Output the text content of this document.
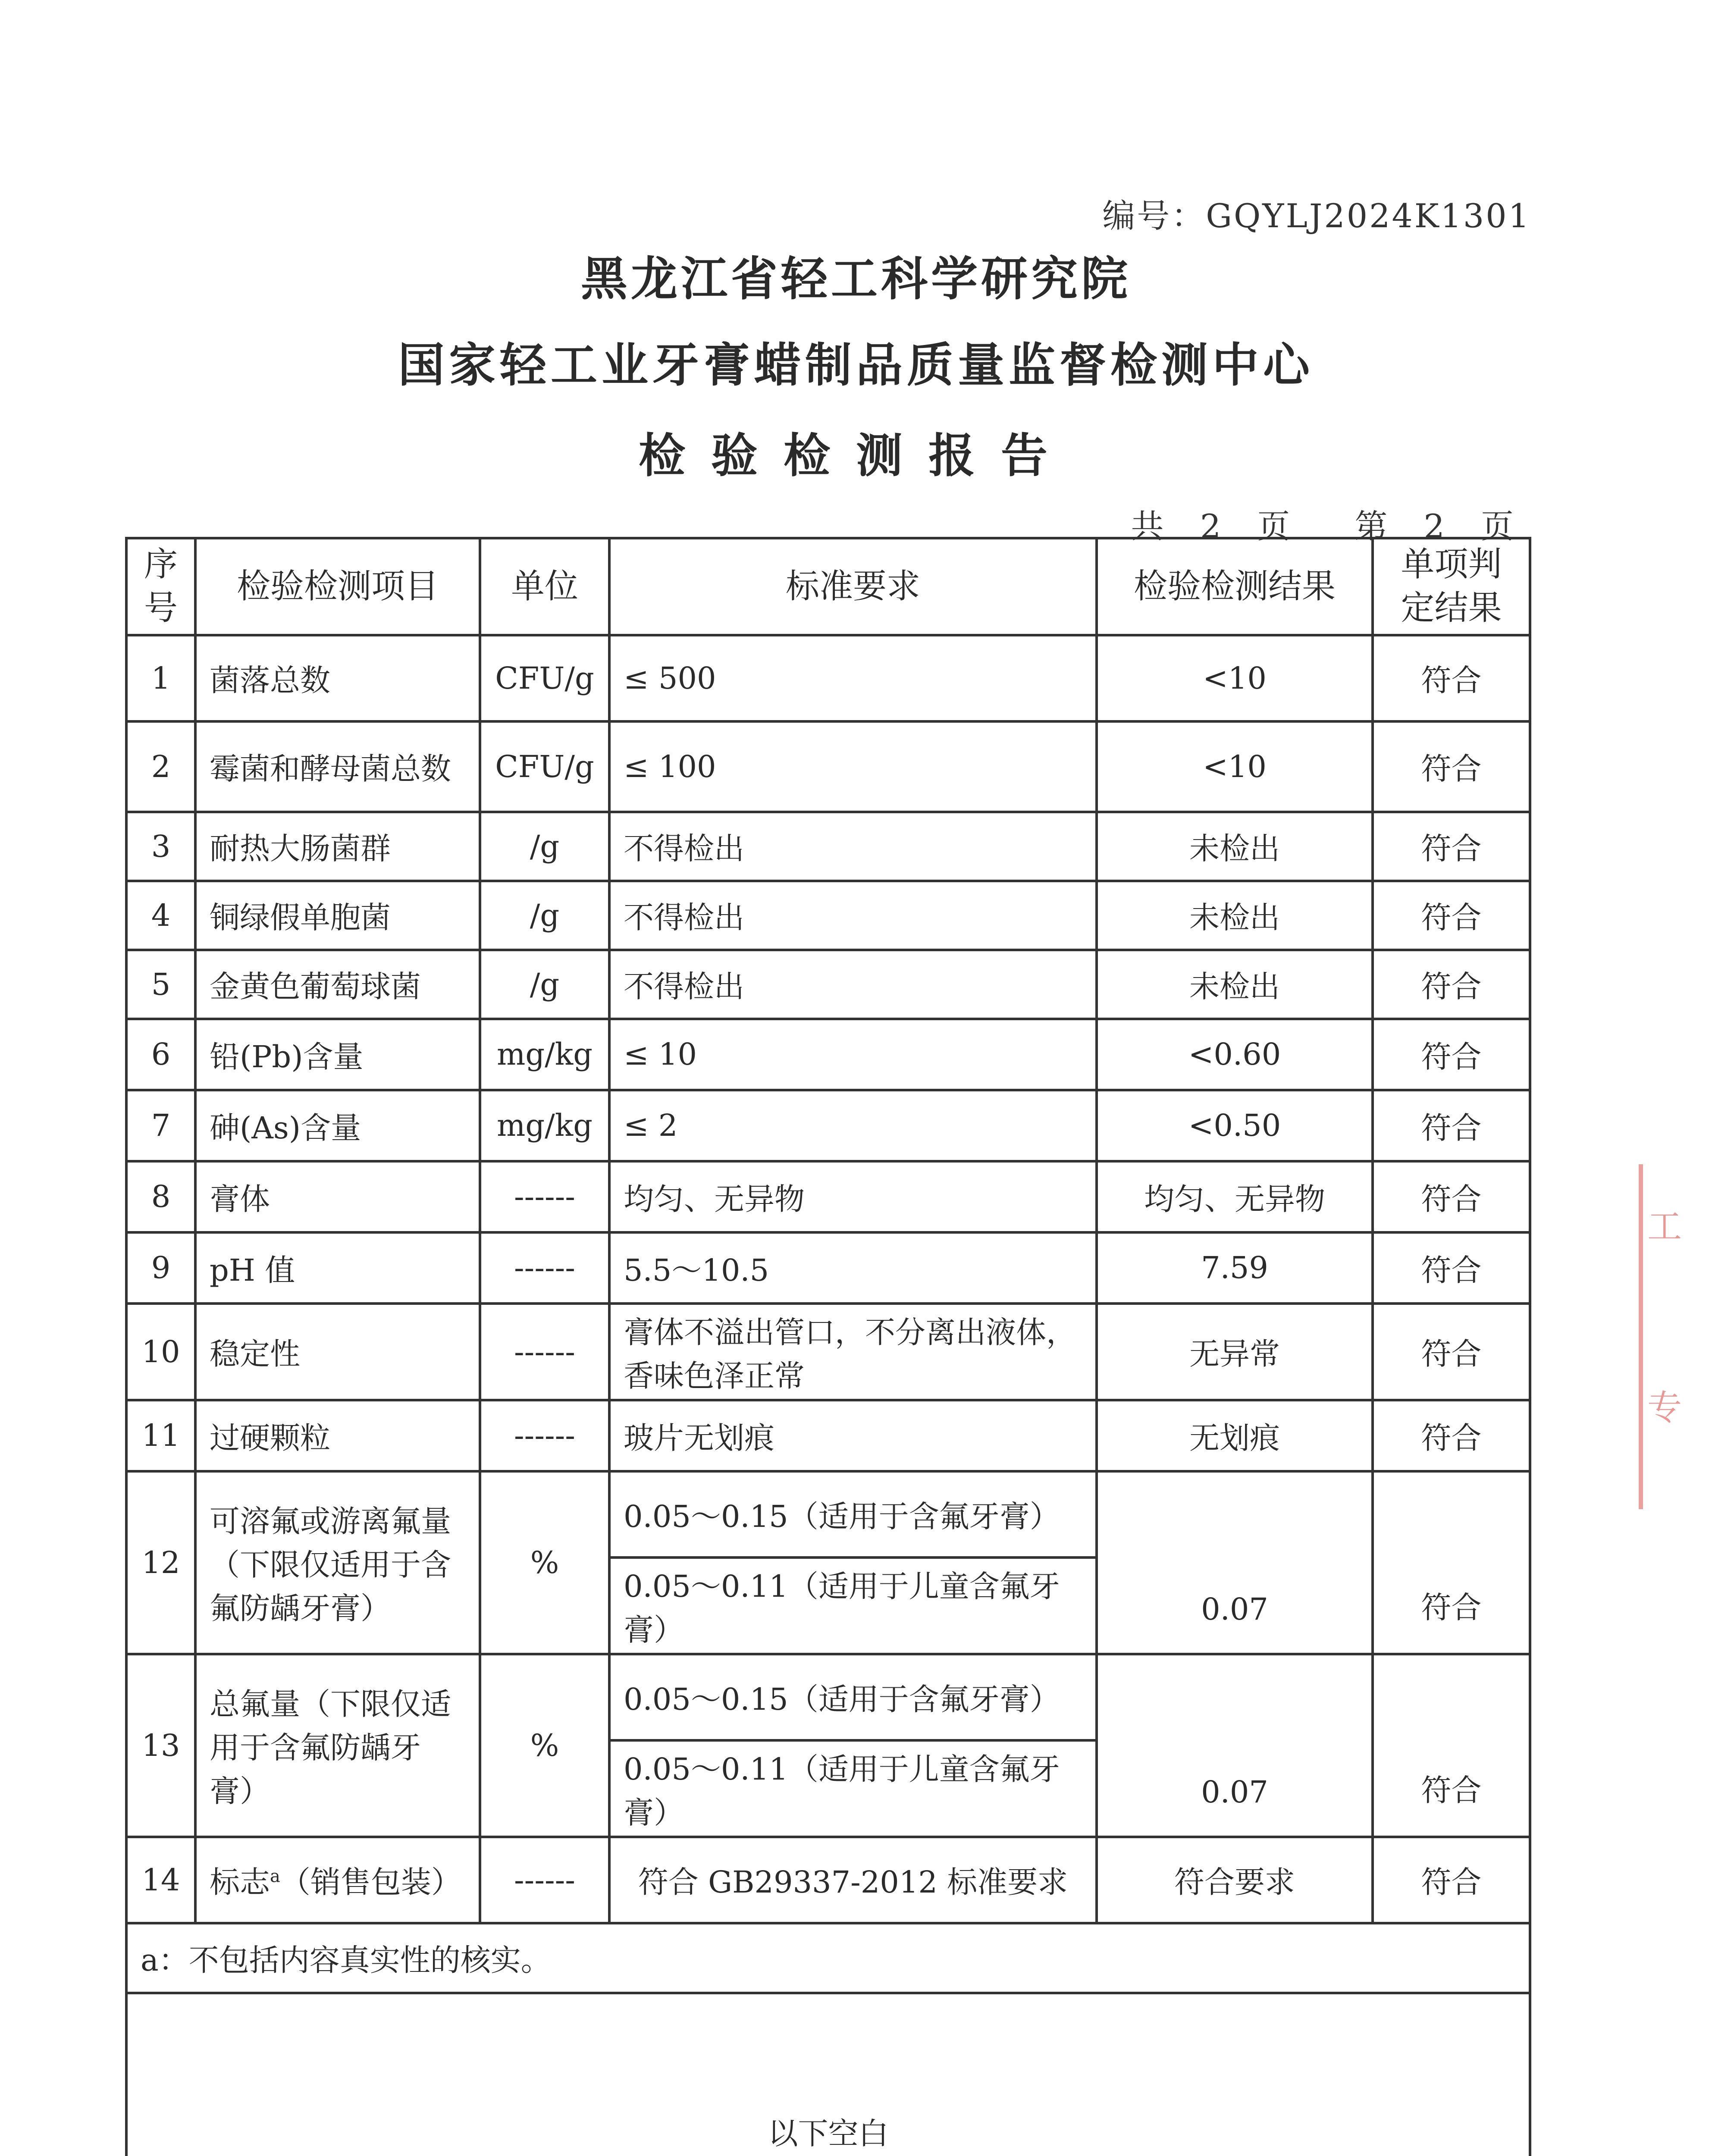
编号：GQYLJ2024K1301
黑龙江省轻工科学研究院
国家轻工业牙膏蜡制品质量监督检测中心
检验检测报告
共 2 页 第 2 页
序号	检验检测项目	单位	标准要求	检验检测结果	单项判定结果
1	菌落总数	CFU/g	≤ 500	<10	符合
2	霉菌和酵母菌总数	CFU/g	≤ 100	<10	符合
3	耐热大肠菌群	/g	不得检出	未检出	符合
4	铜绿假单胞菌	/g	不得检出	未检出	符合
5	金黄色葡萄球菌	/g	不得检出	未检出	符合
6	铅(Pb)含量	mg/kg	≤ 10	<0.60	符合
7	砷(As)含量	mg/kg	≤ 2	<0.50	符合
8	膏体	------	均匀、无异物	均匀、无异物	符合
9	pH 值	------	5.5～10.5	7.59	符合
10	稳定性	------	膏体不溢出管口，不分离出液体，香味色泽正常	无异常	符合
11	过硬颗粒	------	玻片无划痕	无划痕	符合
12	可溶氟或游离氟量（下限仅适用于含氟防龋牙膏）	%	0.05～0.15（适用于含氟牙膏）	0.07	符合
			0.05～0.11（适用于儿童含氟牙膏）		
13	总氟量（下限仅适用于含氟防龋牙膏）	%	0.05～0.15（适用于含氟牙膏）	0.07	符合
			0.05～0.11（适用于儿童含氟牙膏）		
14	标志$^a$（销售包装）	------	符合 GB29337-2012 标准要求	符合要求	符合
a：不包括内容真实性的核实。					
以下空白					
工
专
